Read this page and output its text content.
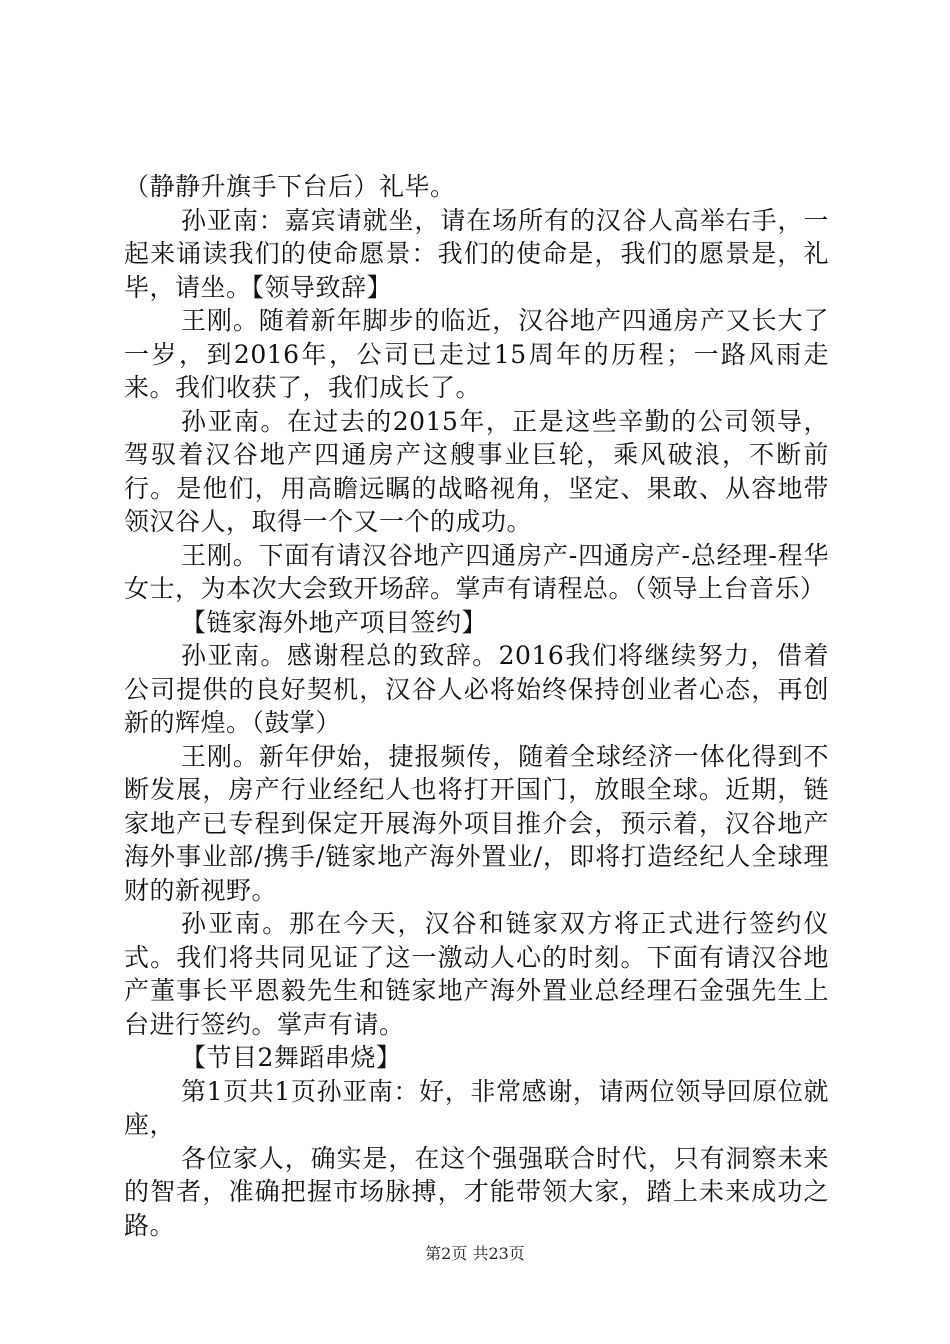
（静静升旗手下台后）礼毕。

孙亚南：嘉宾请就坐，请在场所有的汉谷人高举右手，一起来诵读我们的使命愿景：我们的使命是，我们的愿景是，礼毕，请坐。【领导致辞】

王刚。随着新年脚步的临近，汉谷地产四通房产又长大了一岁，到2016年，公司已走过15周年的历程；一路风雨走来。我们收获了，我们成长了。

孙亚南。在过去的2015年，正是这些辛勤的公司领导，驾驭着汉谷地产四通房产这艘事业巨轮，乘风破浪，不断前行。是他们，用高瞻远瞩的战略视角，坚定、果敢、从容地带领汉谷人，取得一个又一个的成功。

王刚。下面有请汉谷地产四通房产-四通房产-总经理-程华女士，为本次大会致开场辞。掌声有请程总。（领导上台音乐）

【链家海外地产项目签约】

孙亚南。感谢程总的致辞。2016我们将继续努力，借着公司提供的良好契机，汉谷人必将始终保持创业者心态，再创新的辉煌。（鼓掌）

王刚。新年伊始，捷报频传，随着全球经济一体化得到不断发展，房产行业经纪人也将打开国门，放眼全球。近期，链家地产已专程到保定开展海外项目推介会，预示着，汉谷地产海外事业部/携手/链家地产海外置业/，即将打造经纪人全球理财的新视野。

孙亚南。那在今天，汉谷和链家双方将正式进行签约仪式。我们将共同见证了这一激动人心的时刻。下面有请汉谷地产董事长平恩毅先生和链家地产海外置业总经理石金强先生上台进行签约。掌声有请。

【节目2舞蹈串烧】

第1页共1页孙亚南：好，非常感谢，请两位领导回原位就座，

各位家人，确实是，在这个强强联合时代，只有洞察未来的智者，准确把握市场脉搏，才能带领大家，踏上未来成功之路。

第2页 共23页
